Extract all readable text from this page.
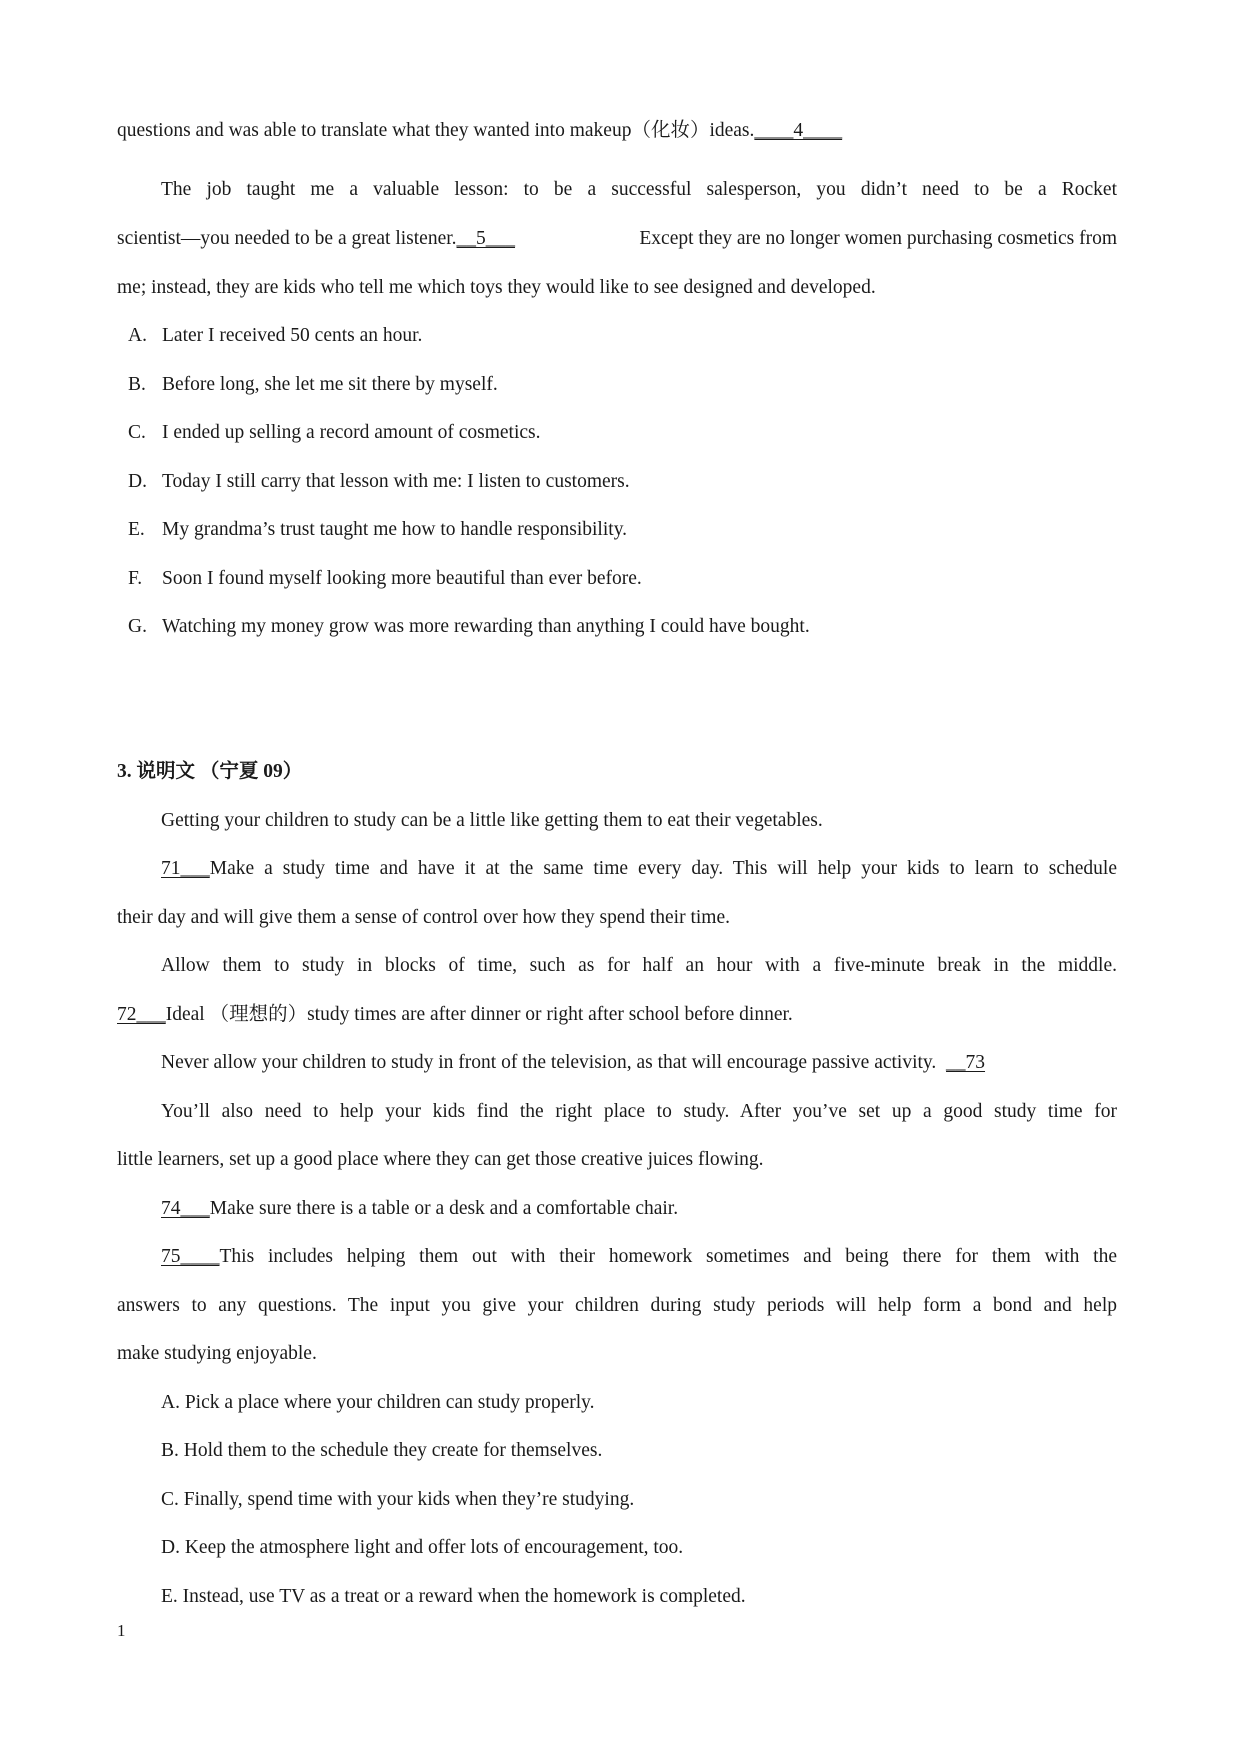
questions and was able to translate what they wanted into makeup（化妆）ideas.____4____
The job taught me a valuable lesson: to be a successful salesperson, you didn’t need to be a Rocket
scientist—you needed to be a great listener. __5___	Except they are no longer women purchasing cosmetics from
me; instead, they are kids who tell me which toys they would like to see designed and developed.
A. Later I received 50 cents an hour.
B. Before long, she let me sit there by myself.
C. I ended up selling a record amount of cosmetics.
D. Today I still carry that lesson with me: I listen to customers.
E. My grandma’s trust taught me how to handle responsibility.
F. Soon I found myself looking more beautiful than ever before.
G. Watching my money grow was more rewarding than anything I could have bought.
3. 说明文 （宁夏 09）
Getting your children to study can be a little like getting them to eat their vegetables.
71___ Make a study time and have it at the same time every day. This will help your kids to learn to schedule
their day and will give them a sense of control over how they spend their time.
Allow them to study in blocks of time, such as for half an hour with a five-minute break in the middle.
72___Ideal （理想的）study times are after dinner or right after school before dinner.
Never allow your children to study in front of the television, as that will encourage passive activity. __73
You’ll also need to help your kids find the right place to study. After you’ve set up a good study time for
little learners, set up a good place where they can get those creative juices flowing.
74___Make sure there is a table or a desk and a comfortable chair.
75____ This includes helping them out with their homework sometimes and being there for them with the
answers to any questions. The input you give your children during study periods will help form a bond and help
make studying enjoyable.
A. Pick a place where your children can study properly.
B. Hold them to the schedule they create for themselves.
C. Finally, spend time with your kids when they’re studying.
D. Keep the atmosphere light and offer lots of encouragement, too.
E. Instead, use TV as a treat or a reward when the homework is completed.
1
